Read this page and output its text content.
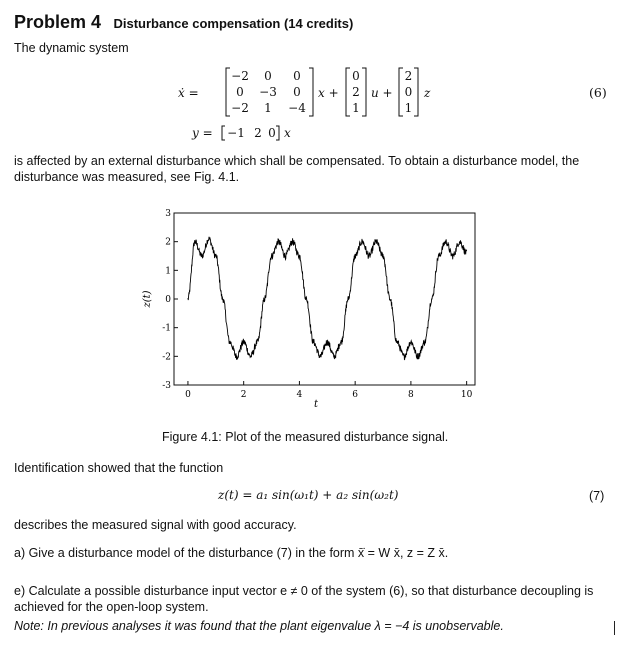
Problem 4 Disturbance compensation (14 credits)
The dynamic system
ẋ =
−2 0 0
0 −3 0
−2 1 −4
x +
0
2
1
u +
2
0
1
z	(6)
y = −1 2 0 x
is affected by an external disturbance which shall be compensated. To obtain a disturbance model, the disturbance was measured, see Fig. 4.1.
3
2
1
0
-1
-2
-3
0	2	4	6	8	10
z(t)
t
Figure 4.1: Plot of the measured disturbance signal.
Identification showed that the function
z(t) = a₁ sin(ω₁t) + a₂ sin(ω₂t)	(7)
describes the measured signal with good accuracy.
a) Give a disturbance model of the disturbance (7) in the form x̄̇ = W x̄, z = Z x̄.
e) Calculate a possible disturbance input vector e ≠ 0 of the system (6), so that disturbance decoupling is achieved for the open-loop system.
Note: In previous analyses it was found that the plant eigenvalue λ = −4 is unobservable.
